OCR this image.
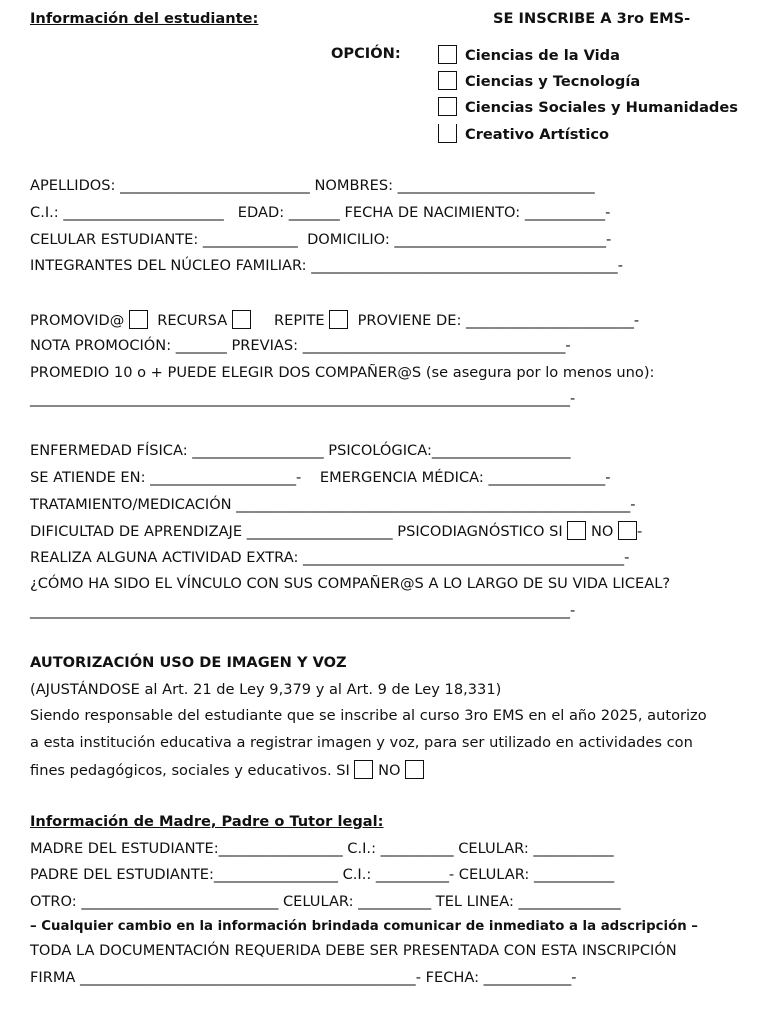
Información del estudiante:	SE INSCRIBE A 3ro EMS-
OPCIÓN:	Ciencias de la Vida
Ciencias y Tecnología
Ciencias Sociales y Humanidades
Creativo Artístico
APELLIDOS: __________________________ NOMBRES: ___________________________
C.I.: ______________________   EDAD: _______ FECHA DE NACIMIENTO: ___________-
CELULAR ESTUDIANTE: _____________  DOMICILIO: _____________________________-
INTEGRANTES DEL NÚCLEO FAMILIAR: __________________________________________-
PROMOVID@ RECURSA	REPITE PROVIENE DE: _______________________-
NOTA PROMOCIÓN: _______ PREVIAS: ____________________________________-
PROMEDIO 10 o + PUEDE ELEGIR DOS COMPAÑER@S (se asegura por lo menos uno):
__________________________________________________________________________-
ENFERMEDAD FÍSICA: __________________ PSICOLÓGICA:___________________
SE ATIENDE EN: ____________________-    EMERGENCIA MÉDICA: ________________-
TRATAMIENTO/MEDICACIÓN ______________________________________________________-
DIFICULTAD DE APRENDIZAJE ____________________ PSICODIAGNÓSTICO SI NO -
REALIZA ALGUNA ACTIVIDAD EXTRA: ____________________________________________-
¿CÓMO HA SIDO EL VÍNCULO CON SUS COMPAÑER@S A LO LARGO DE SU VIDA LICEAL?
__________________________________________________________________________-
AUTORIZACIÓN USO DE IMAGEN Y VOZ
(AJUSTÁNDOSE al Art. 21 de Ley 9,379 y al Art. 9 de Ley 18,331)
Siendo responsable del estudiante que se inscribe al curso 3ro EMS en el año 2025, autorizo
a esta institución educativa a registrar imagen y voz, para ser utilizado en actividades con
fines pedagógicos, sociales y educativos. SI NO
Información de Madre, Padre o Tutor legal:
MADRE DEL ESTUDIANTE:_________________ C.I.: __________ CELULAR: ___________
PADRE DEL ESTUDIANTE:_________________ C.I.: __________- CELULAR: ___________
OTRO: ___________________________ CELULAR: __________ TEL LINEA: ______________
– Cualquier cambio en la información brindada comunicar de inmediato a la adscripción –
TODA LA DOCUMENTACIÓN REQUERIDA DEBE SER PRESENTADA CON ESTA INSCRIPCIÓN
FIRMA ______________________________________________- FECHA: ____________-
